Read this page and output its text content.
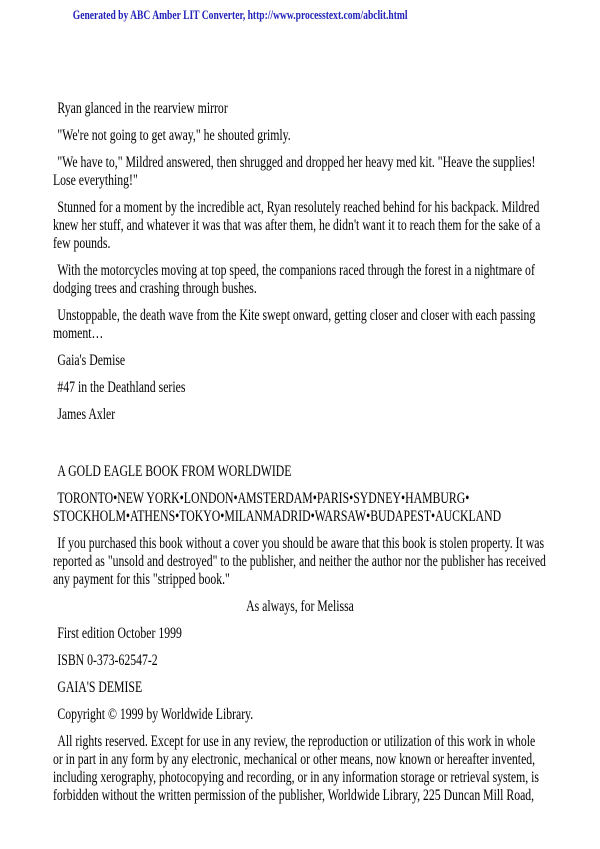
Generated by ABC Amber LIT Converter, http://www.processtext.com/abclit.html

Ryan glanced in the rearview mirror

"We're not going to get away," he shouted grimly.

"We have to," Mildred answered, then shrugged and dropped her heavy med kit. "Heave the supplies! Lose everything!"

Stunned for a moment by the incredible act, Ryan resolutely reached behind for his backpack. Mildred knew her stuff, and whatever it was that was after them, he didn't want it to reach them for the sake of a few pounds.

With the motorcycles moving at top speed, the companions raced through the forest in a nightmare of dodging trees and crashing through bushes.

Unstoppable, the death wave from the Kite swept onward, getting closer and closer with each passing moment…

Gaia's Demise

#47 in the Deathland series

James Axler

A GOLD EAGLE BOOK FROM WORLDWIDE

TORONTO•NEW YORK•LONDON•AMSTERDAM•PARIS•SYDNEY•HAMBURG• STOCKHOLM•ATHENS•TOKYO•MILANMADRID•WARSAW•BUDAPEST•AUCKLAND

If you purchased this book without a cover you should be aware that this book is stolen property. It was reported as "unsold and destroyed" to the publisher, and neither the author nor the publisher has received any payment for this "stripped book."

As always, for Melissa

First edition October 1999

ISBN 0-373-62547-2

GAIA'S DEMISE

Copyright © 1999 by Worldwide Library.

All rights reserved. Except for use in any review, the reproduction or utilization of this work in whole or in part in any form by any electronic, mechanical or other means, now known or hereafter invented, including xerography, photocopying and recording, or in any information storage or retrieval system, is forbidden without the written permission of the publisher, Worldwide Library, 225 Duncan Mill Road,
